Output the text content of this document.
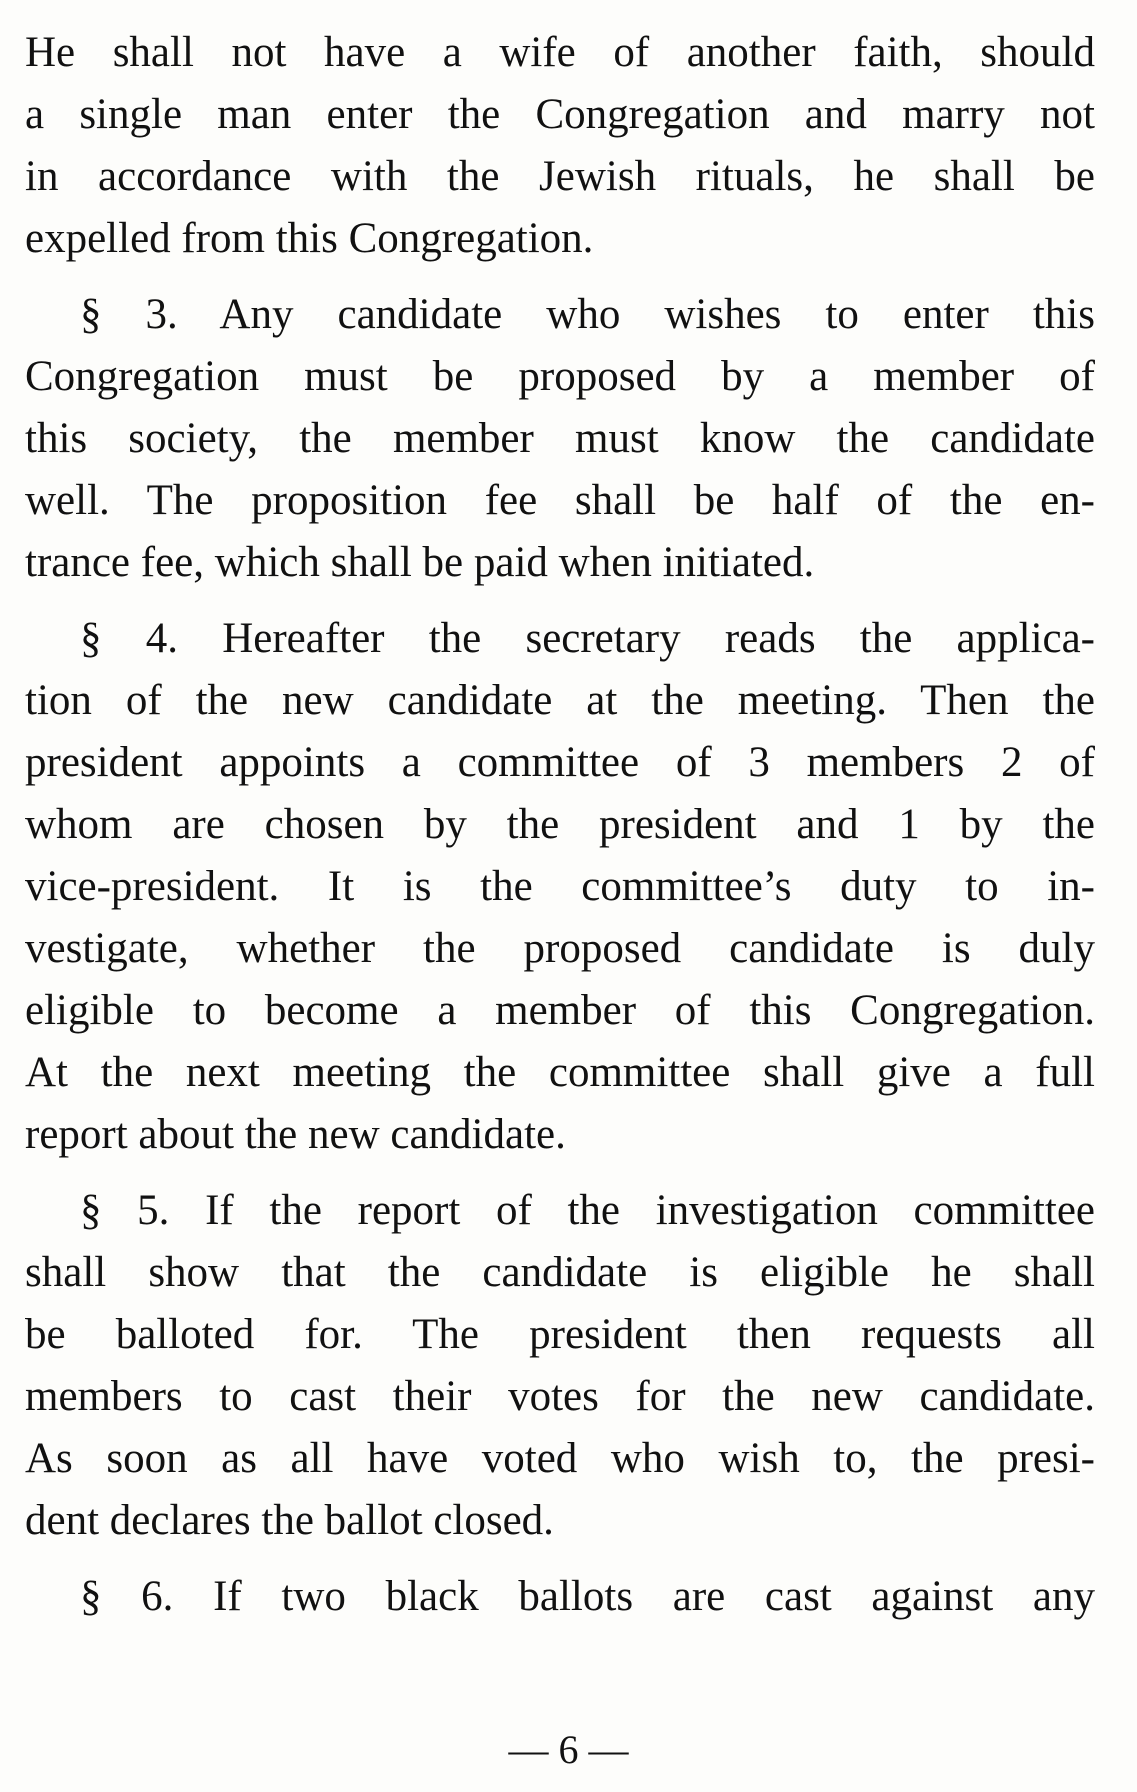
He shall not have a wife of another faith, should
a single man enter the Congregation and marry not
in accordance with the Jewish rituals, he shall be
expelled from this Congregation.
§ 3. Any candidate who wishes to enter this
Congregation must be proposed by a member of
this society, the member must know the candidate
well. The proposition fee shall be half of the en-
trance fee, which shall be paid when initiated.
§ 4. Hereafter the secretary reads the applica-
tion of the new candidate at the meeting. Then the
president appoints a committee of 3 members 2 of
whom are chosen by the president and 1 by the
vice-president. It is the committee’s duty to in-
vestigate, whether the proposed candidate is duly
eligible to become a member of this Congregation.
At the next meeting the committee shall give a full
report about the new candidate.
§ 5. If the report of the investigation committee
shall show that the candidate is eligible he shall
be balloted for. The president then requests all
members to cast their votes for the new candidate.
As soon as all have voted who wish to, the presi-
dent declares the ballot closed.
§ 6. If two black ballots are cast against any
— 6 —
